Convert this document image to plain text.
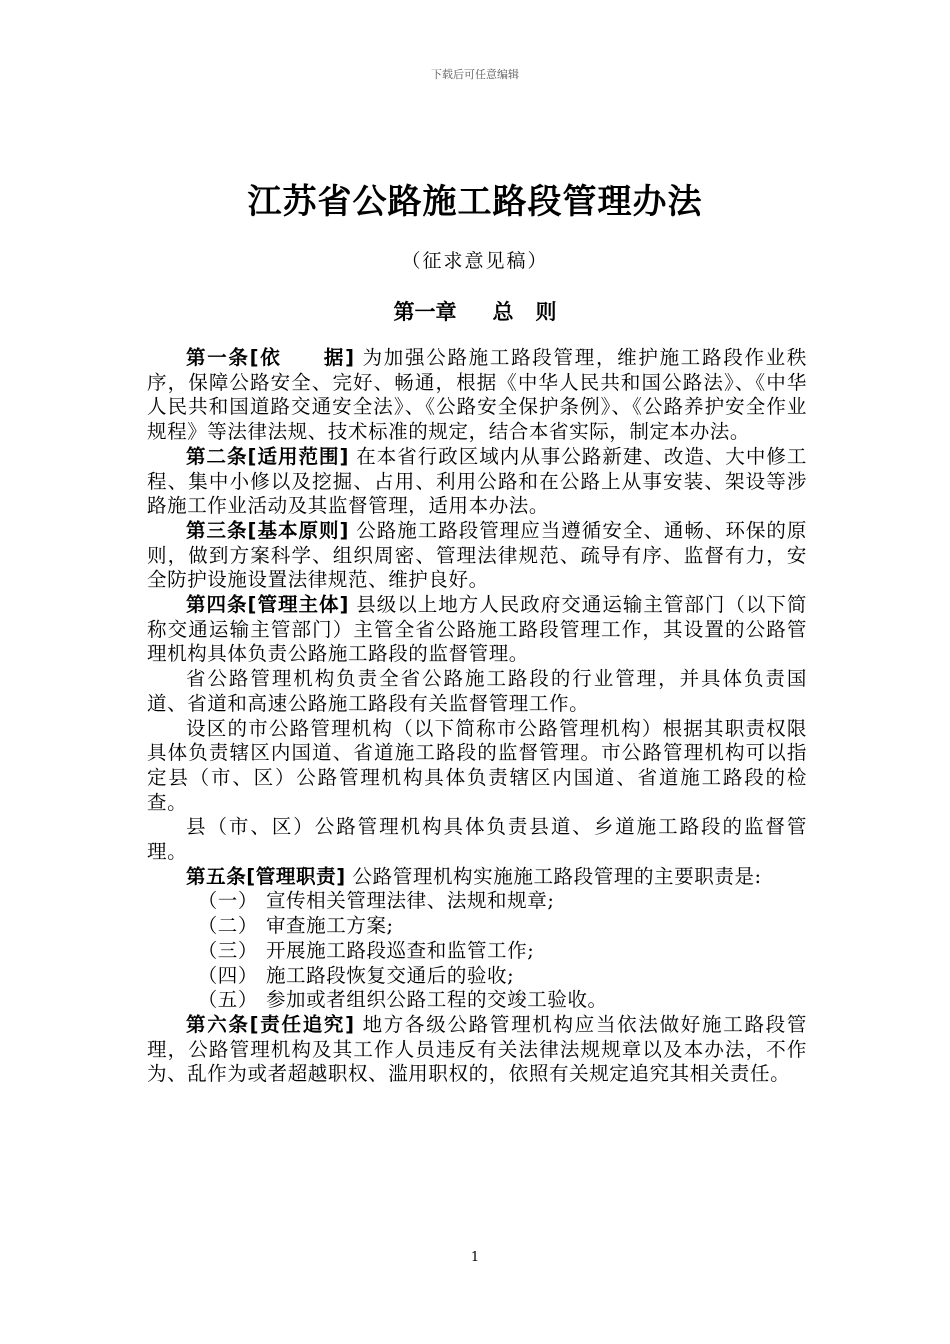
下载后可任意编辑
江苏省公路施工路段管理办法
（征求意见稿）
第一章 总 则

第一条[依　　据] 为加强公路施工路段管理，维护施工路段作业秩序，保障公路安全、完好、畅通，根据《中华人民共和国公路法》、《中华人民共和国道路交通安全法》、《公路安全保护条例》、《公路养护安全作业规程》等法律法规、技术标准的规定，结合本省实际，制定本办法。

第二条[适用范围] 在本省行政区域内从事公路新建、改造、大中修工程、集中小修以及挖掘、占用、利用公路和在公路上从事安装、架设等涉路施工作业活动及其监督管理，适用本办法。

第三条[基本原则] 公路施工路段管理应当遵循安全、通畅、环保的原则，做到方案科学、组织周密、管理法律规范、疏导有序、监督有力，安全防护设施设置法律规范、维护良好。

第四条[管理主体] 县级以上地方人民政府交通运输主管部门（以下简称交通运输主管部门）主管全省公路施工路段管理工作，其设置的公路管理机构具体负责公路施工路段的监督管理。

省公路管理机构负责全省公路施工路段的行业管理，并具体负责国道、省道和高速公路施工路段有关监督管理工作。

设区的市公路管理机构（以下简称市公路管理机构）根据其职责权限具体负责辖区内国道、省道施工路段的监督管理。市公路管理机构可以指定县（市、区）公路管理机构具体负责辖区内国道、省道施工路段的检查。

县（市、区）公路管理机构具体负责县道、乡道施工路段的监督管理。

第五条[管理职责] 公路管理机构实施施工路段管理的主要职责是:

（一） 宣传相关管理法律、法规和规章;

（二） 审查施工方案;

（三） 开展施工路段巡查和监管工作;

（四） 施工路段恢复交通后的验收;

（五） 参加或者组织公路工程的交竣工验收。

第六条[责任追究] 地方各级公路管理机构应当依法做好施工路段管理，公路管理机构及其工作人员违反有关法律法规规章以及本办法，不作为、乱作为或者超越职权、滥用职权的，依照有关规定追究其相关责任。

1
